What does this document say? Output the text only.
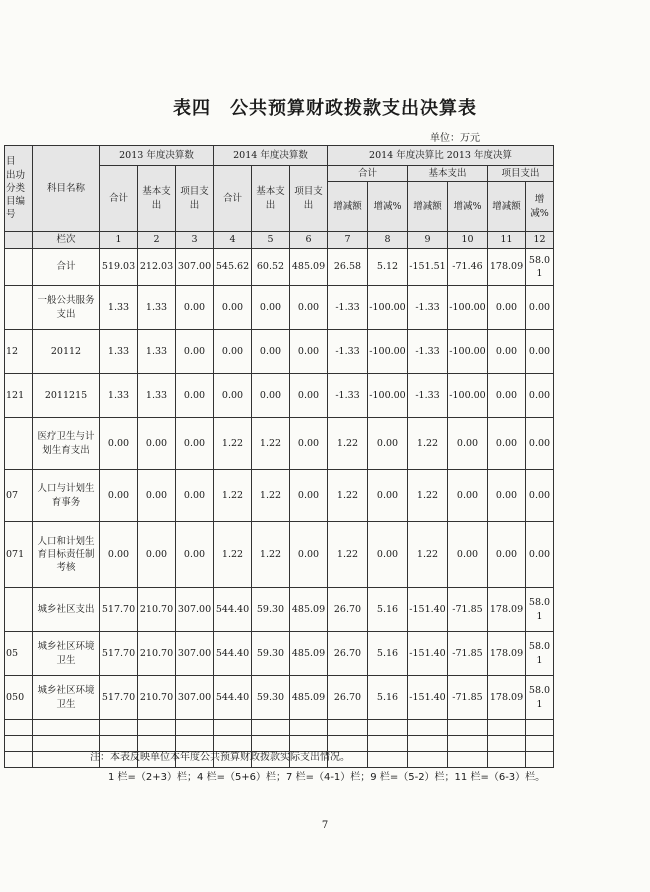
表四　公共预算财政拨款支出决算表
单位：万元
目
出功
分类
目编
号	科目名称	2013 年度决算数			2014 年度决算数			2014 年度决算比 2013 年度决算					
		合计	基本支出	项目支出	合计	基本支出	项目支出	合计		基本支出		项目支出	
								增减额	增减%	增减额	增减%	增减额	增减%
	栏次	1	2	3	4	5	6	7	8	9	10	11	12
	合计	519.03	212.03	307.00	545.62	60.52	485.09	26.58	5.12	-151.51	-71.46	178.09	58.01
	一般公共服务支出	1.33	1.33	0.00	0.00	0.00	0.00	-1.33	-100.00	-1.33	-100.00	0.00	0.00
12	20112	1.33	1.33	0.00	0.00	0.00	0.00	-1.33	-100.00	-1.33	-100.00	0.00	0.00
121	2011215	1.33	1.33	0.00	0.00	0.00	0.00	-1.33	-100.00	-1.33	-100.00	0.00	0.00
	医疗卫生与计划生育支出	0.00	0.00	0.00	1.22	1.22	0.00	1.22	0.00	1.22	0.00	0.00	0.00
07	人口与计划生育事务	0.00	0.00	0.00	1.22	1.22	0.00	1.22	0.00	1.22	0.00	0.00	0.00
071	人口和计划生育目标责任制考核	0.00	0.00	0.00	1.22	1.22	0.00	1.22	0.00	1.22	0.00	0.00	0.00
	城乡社区支出	517.70	210.70	307.00	544.40	59.30	485.09	26.70	5.16	-151.40	-71.85	178.09	58.01
05	城乡社区环境卫生	517.70	210.70	307.00	544.40	59.30	485.09	26.70	5.16	-151.40	-71.85	178.09	58.01
050	城乡社区环境卫生	517.70	210.70	307.00	544.40	59.30	485.09	26.70	5.16	-151.40	-71.85	178.09	58.01

注：本表反映单位本年度公共预算财政拨款实际支出情况。
1 栏=（2+3）栏；4 栏=（5+6）栏；7 栏=（4-1）栏；9 栏=（5-2）栏；11 栏=（6-3）栏。
7
